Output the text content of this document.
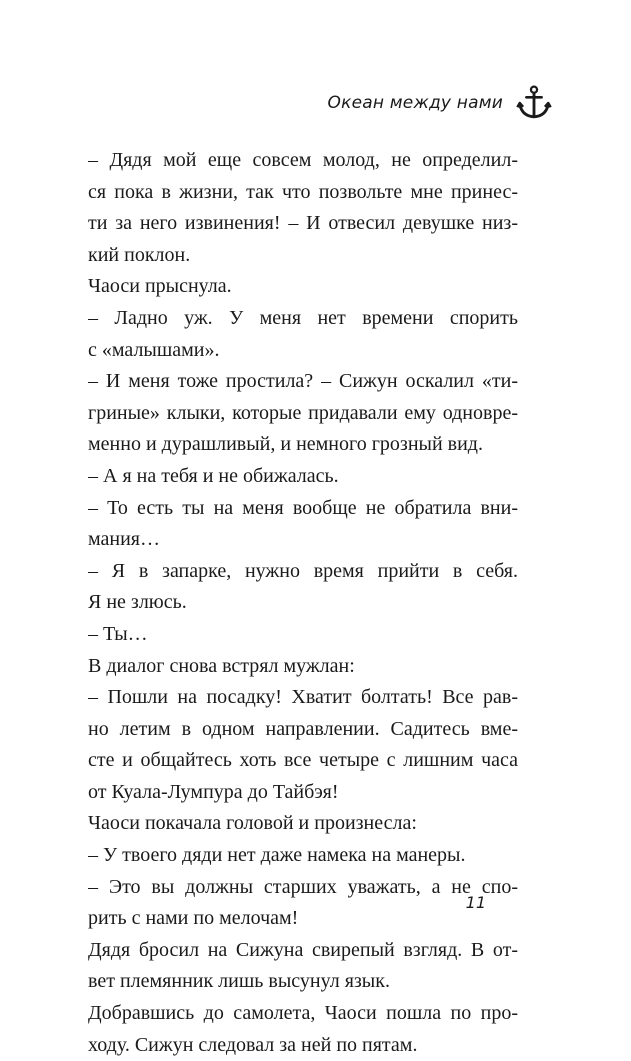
Океан между нами
– Дядя мой еще совсем молод, не определил-
ся пока в жизни, так что позвольте мне принес-
ти за него извинения! – И отвесил девушке низ-
кий поклон.
Чаоси прыснула.
– Ладно уж. У меня нет времени спорить
с «малышами».
– И меня тоже простила? – Сижун оскалил «ти-
гриные» клыки, которые придавали ему одновре-
менно и дурашливый, и немного грозный вид.
– А я на тебя и не обижалась.
– То есть ты на меня вообще не обратила вни-
мания…
– Я в запарке, нужно время прийти в себя.
Я не злюсь.
– Ты…
В диалог снова встрял мужлан:
– Пошли на посадку! Хватит болтать! Все рав-
но летим в одном направлении. Садитесь вме-
сте и общайтесь хоть все четыре с лишним часа
от Куала-Лумпура до Тайбэя!
Чаоси покачала головой и произнесла:
– У твоего дяди нет даже намека на манеры.
– Это вы должны старших уважать, а не спо-
рить с нами по мелочам!
Дядя бросил на Сижуна свирепый взгляд. В от-
вет племянник лишь высунул язык.
Добравшись до самолета, Чаоси пошла по про-
ходу. Сижун следовал за ней по пятам.
11
